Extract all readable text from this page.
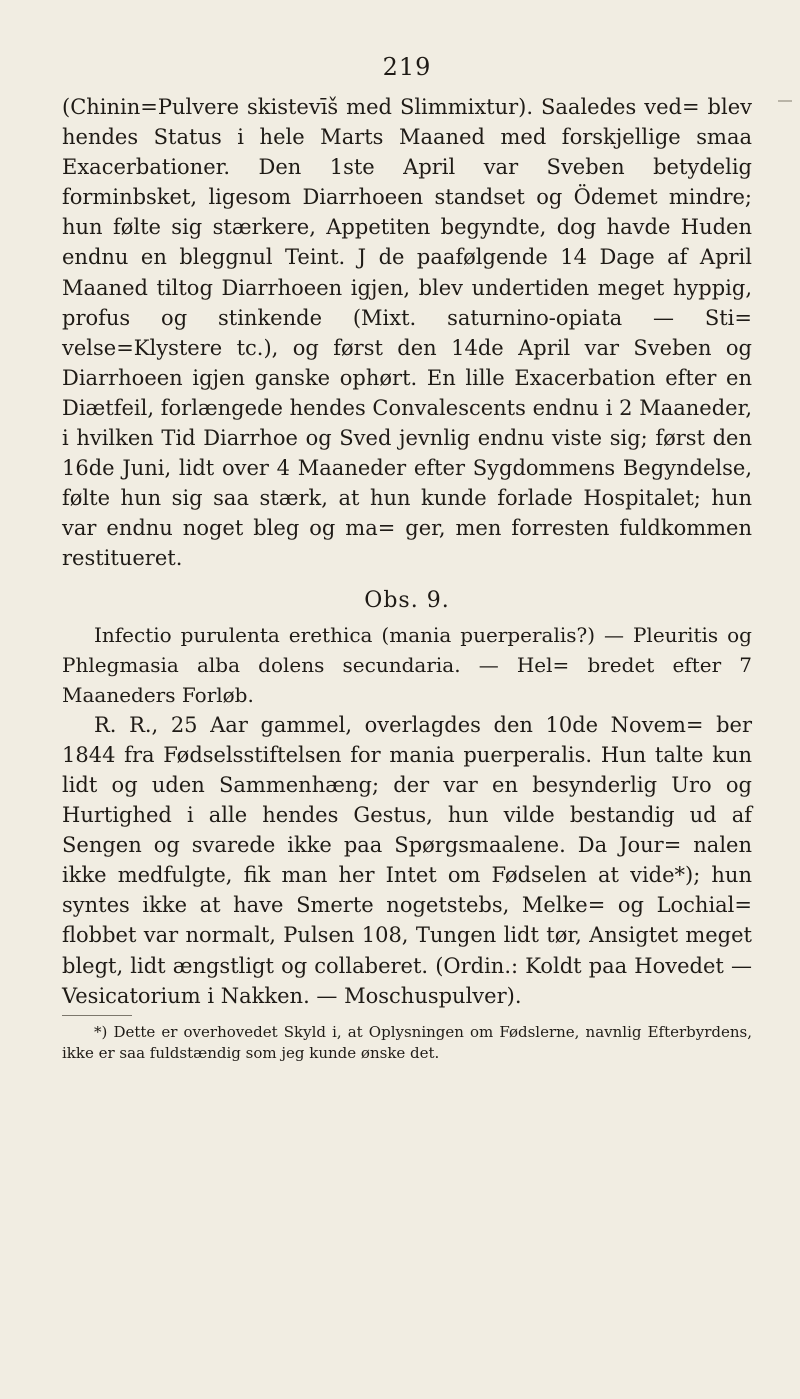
219
(Chinin=Pulvere skistevīš med Slimmixtur). Saaledes ved= blev hendes Status i hele Marts Maaned med forskjellige smaa Exacerbationer. Den 1ste April var Sveben betydelig forminbsket, ligesom Diarrhoeen standset og Ödemet mindre; hun følte sig stærkere, Appetiten begyndte, dog havde Huden endnu en bleggnul Teint. J de paafølgende 14 Dage af April Maaned tiltog Diarrhoeen igjen, blev undertiden meget hyppig, profus og stinkende (Mixt. saturnino-opiata — Sti= velse=Klystere tc.), og først den 14de April var Sveben og Diarrhoeen igjen ganske ophørt. En lille Exacerbation efter en Diætfeil, forlængede hendes Convalescents endnu i 2 Maaneder, i hvilken Tid Diarrhoe og Sved jevnlig endnu viste sig; først den 16de Juni, lidt over 4 Maaneder efter Sygdommens Begyndelse, følte hun sig saa stærk, at hun kunde forlade Hospitalet; hun var endnu noget bleg og ma= ger, men forresten fuldkommen restitueret.
Obs. 9.
Infectio purulenta erethica (mania puerperalis?) — Pleuritis og Phlegmasia alba dolens secundaria. — Hel= bredet efter 7 Maaneders Forløb.
R. R., 25 Aar gammel, overlagdes den 10de Novem= ber 1844 fra Fødselsstiftelsen for mania puerperalis. Hun talte kun lidt og uden Sammenhæng; der var en besynderlig Uro og Hurtighed i alle hendes Gestus, hun vilde bestandig ud af Sengen og svarede ikke paa Spørgsmaalene. Da Jour= nalen ikke medfulgte, fik man her Intet om Fødselen at vide*); hun syntes ikke at have Smerte nogetstebs, Melke= og Lochial= flobbet var normalt, Pulsen 108, Tungen lidt tør, Ansigtet meget blegt, lidt ængstligt og collaberet. (Ordin.: Koldt paa Hovedet — Vesicatorium i Nakken. — Moschuspulver).
*) Dette er overhovedet Skyld i, at Oplysningen om Fødslerne, navnlig Efterbyrdens, ikke er saa fuldstændig som jeg kunde ønske det.
